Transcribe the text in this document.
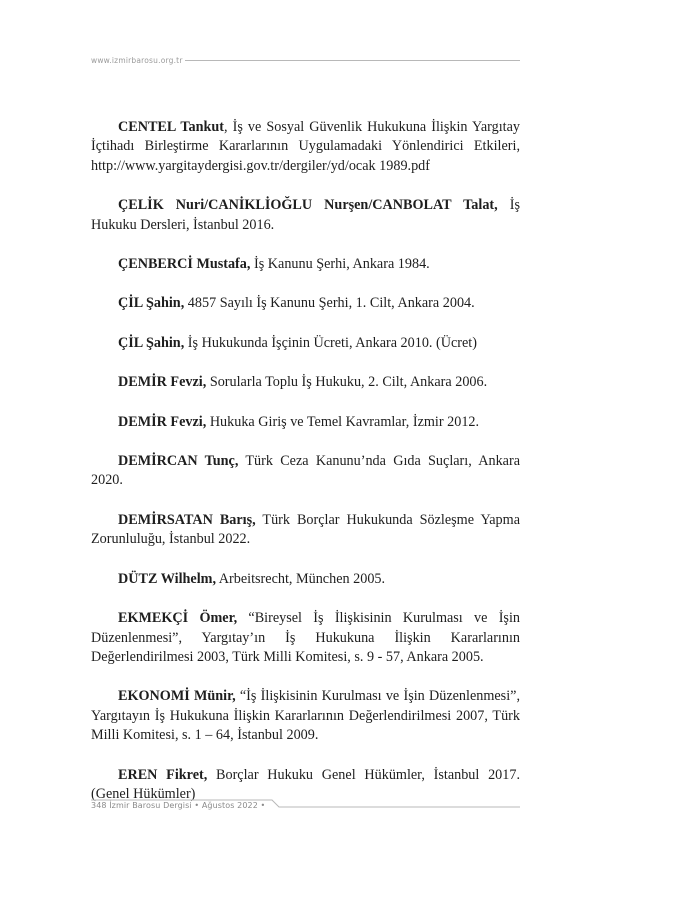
www.izmirbarosu.org.tr

CENTEL Tankut, İş ve Sosyal Güvenlik Hukukuna İlişkin Yargıtay İçtihadı Birleştirme Kararlarının Uygulamadaki Yönlendirici Etkileri, http://www.yargitaydergisi.gov.tr/dergiler/yd/ocak 1989.pdf

ÇELİK Nuri/CANİKLİOĞLU Nurşen/CANBOLAT Talat, İş Hukuku Dersleri, İstanbul 2016.

ÇENBERCİ Mustafa, İş Kanunu Şerhi, Ankara 1984.

ÇİL Şahin, 4857 Sayılı İş Kanunu Şerhi, 1. Cilt, Ankara 2004.

ÇİL Şahin, İş Hukukunda İşçinin Ücreti, Ankara 2010. (Ücret)

DEMİR Fevzi, Sorularla Toplu İş Hukuku, 2. Cilt, Ankara 2006.

DEMİR Fevzi, Hukuka Giriş ve Temel Kavramlar, İzmir 2012.

DEMİRCAN Tunç, Türk Ceza Kanunu’nda Gıda Suçları, Ankara 2020.

DEMİRSATAN Barış, Türk Borçlar Hukukunda Sözleşme Yapma Zorunluluğu, İstanbul 2022.

DÜTZ Wilhelm, Arbeitsrecht, München 2005.

EKMEKÇİ Ömer, “Bireysel İş İlişkisinin Kurulması ve İşin Düzenlenmesi”, Yargıtay’ın İş Hukukuna İlişkin Kararlarının Değerlendirilmesi 2003, Türk Milli Komitesi, s. 9 - 57, Ankara 2005.

EKONOMİ Münir, “İş İlişkisinin Kurulması ve İşin Düzenlenmesi”, Yargıtayın İş Hukukuna İlişkin Kararlarının Değerlendirilmesi 2007, Türk Milli Komitesi, s. 1 – 64, İstanbul 2009.

EREN Fikret, Borçlar Hukuku Genel Hükümler, İstanbul 2017. (Genel Hükümler)

348 İzmir Barosu Dergisi • Ağustos 2022 •
